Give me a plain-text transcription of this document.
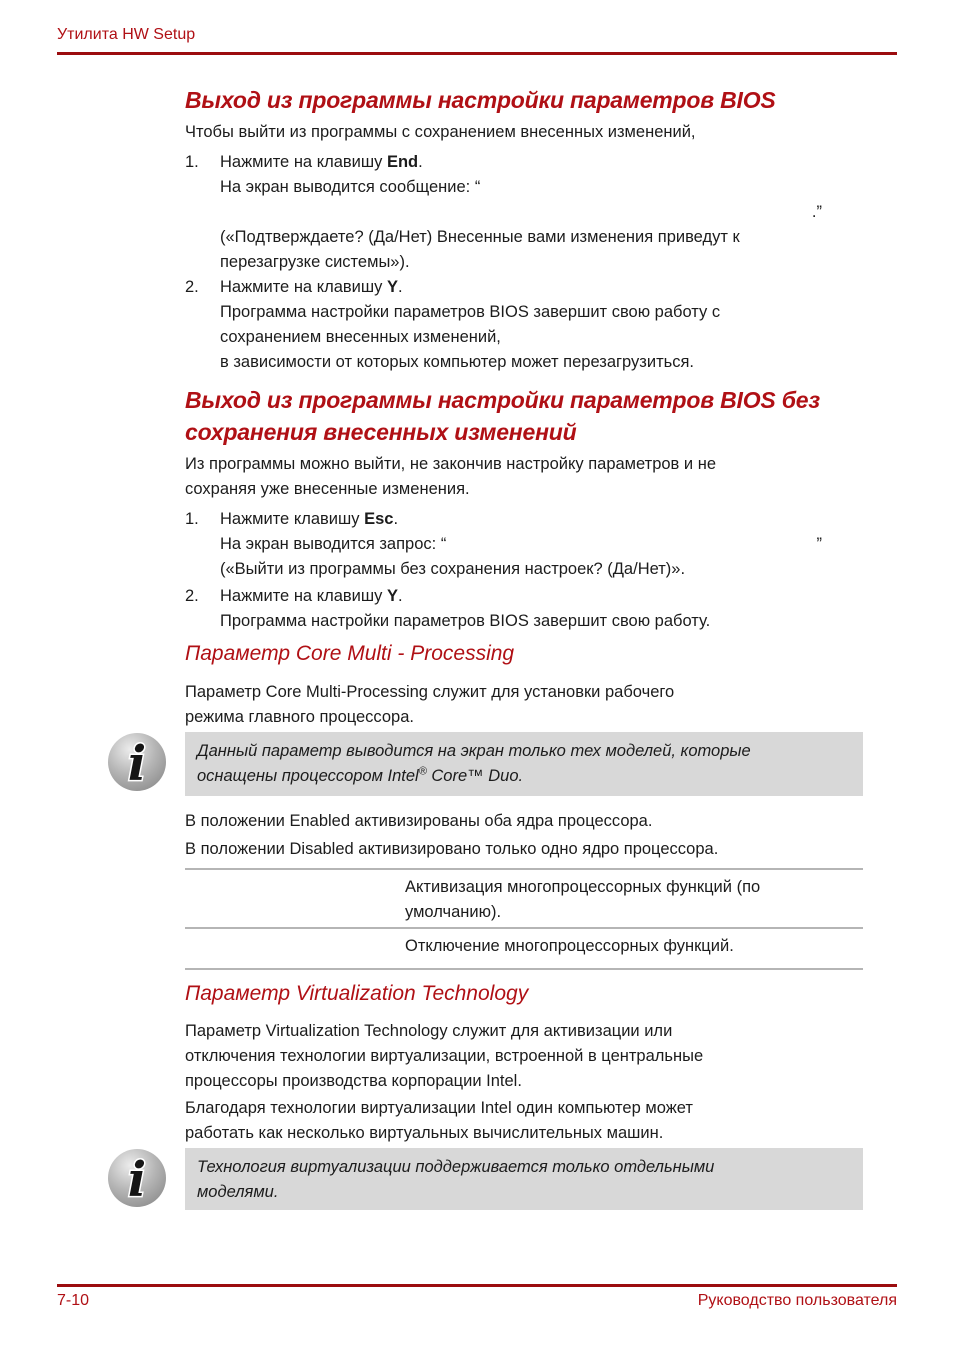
Утилита HW Setup
Выход из программы настройки параметров BIOS
Чтобы выйти из программы с сохранением внесенных изменений,
1.	Нажмите на клавишу End.
На экран выводится сообщение: “
.”
(«Подтверждаете? (Да/Нет) Внесенные вами изменения приведут к
перезагрузке системы»).
2.	Нажмите на клавишу Y.
Программа настройки параметров BIOS завершит свою работу с
сохранением внесенных изменений,
в зависимости от которых компьютер может перезагрузиться.
Выход из программы настройки параметров BIOS без
сохранения внесенных изменений
Из программы можно выйти, не закончив настройку параметров и не
сохраняя уже внесенные изменения.
1.	Нажмите клавишу Esc.
На экран выводится запрос: “	”
(«Выйти из программы без сохранения настроек? (Да/Нет)».
2.	Нажмите на клавишу Y.
Программа настройки параметров BIOS завершит свою работу.
Параметр Core Multi - Processing
Параметр Core Multi-Processing служит для установки рабочего
режима главного процессора.
i	Данный параметр выводится на экран только тех моделей, которые
оснащены процессором Intel® Core™ Duo.
В положении Enabled активизированы оба ядра процессора.
В положении Disabled активизировано только одно ядро процессора.
Активизация многопроцессорных функций (по
умолчанию).
Отключение многопроцессорных функций.
Параметр Virtualization Technology
Параметр Virtualization Technology служит для активизации или
отключения технологии виртуализации, встроенной в центральные
процессоры производства корпорации Intel.
Благодаря технологии виртуализации Intel один компьютер может
работать как несколько виртуальных вычислительных машин.
i	Технология виртуализации поддерживается только отдельными
моделями.
7-10	Руководство пользователя
